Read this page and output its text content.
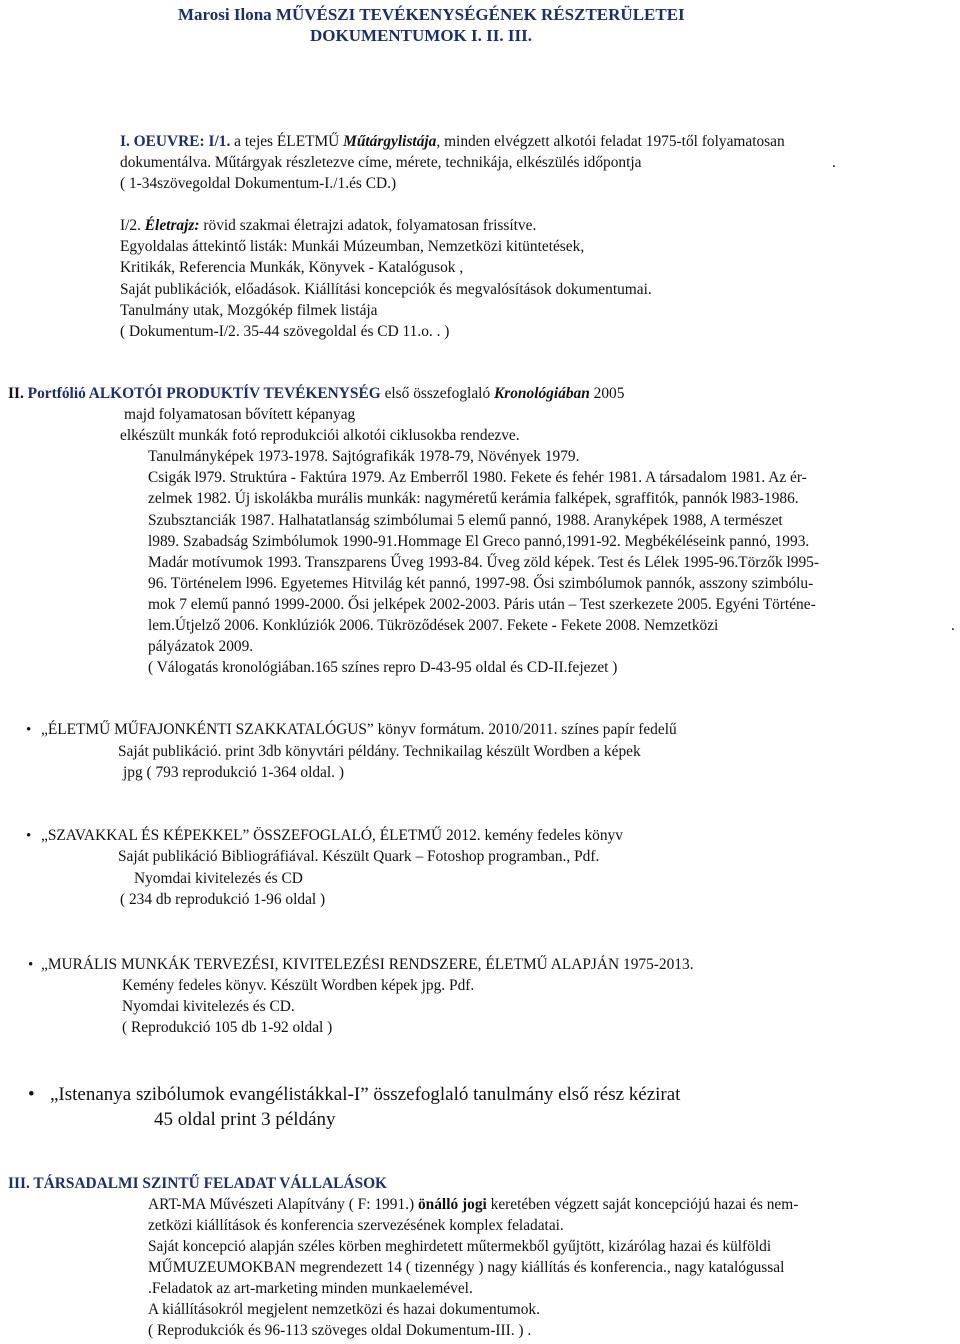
Marosi Ilona MŰVÉSZI TEVÉKENYSÉGÉNEK RÉSZTERÜLETEI
DOKUMENTUMOK I. II. III.
I. OEUVRE: I/1. a tejes ÉLETMŰ Műtárgylistája, minden elvégzett alkotói feladat 1975-től folyamatosan
dokumentálva. Műtárgyak részletezve címe, mérete, technikája, elkészülés időpontja	.
( 1-34szövegoldal Dokumentum-I./1.és CD.)
I/2. Életrajz: rövid szakmai életrajzi adatok, folyamatosan frissítve.
Egyoldalas áttekintő listák: Munkái Múzeumban, Nemzetközi kitüntetések,
Kritikák, Referencia Munkák, Könyvek - Katalógusok ,
Saját publikációk, előadások. Kiállítási koncepciók és megvalósítások dokumentumai.
Tanulmány utak, Mozgókép filmek listája
( Dokumentum-I/2. 35-44 szövegoldal és CD 11.o. . )
II. Portfólió ALKOTÓI PRODUKTÍV TEVÉKENYSÉG első összefoglaló Kronológiában 2005
majd folyamatosan bővített képanyag
elkészült munkák fotó reprodukciói alkotói ciklusokba rendezve.
Tanulmányképek 1973-1978. Sajtógrafikák 1978-79, Növények 1979.
Csigák l979. Struktúra - Faktúra 1979. Az Emberről 1980. Fekete és fehér 1981. A társadalom 1981. Az ér-
zelmek 1982. Új iskolákba murális munkák: nagyméretű kerámia falképek, sgraffitók, pannók l983-1986.
Szubsztanciák 1987. Halhatatlanság szimbólumai 5 elemű pannó, 1988. Aranyképek 1988, A természet
l989. Szabadság Szimbólumok 1990-91.Hommage El Greco pannó,1991-92. Megbékéléseink pannó, 1993.
Madár motívumok 1993. Transzparens Űveg 1993-84. Űveg zöld képek. Test és Lélek 1995-96.Törzők l995-
96. Történelem l996. Egyetemes Hitvilág két pannó, 1997-98. Ősi szimbólumok pannók, asszony szimbólu-
mok 7 elemű pannó 1999-2000. Ősi jelképek 2002-2003. Páris után – Test szerkezete 2005. Egyéni Történe-
lem.Útjelző 2006. Konklúziók 2006. Tükröződések 2007. Fekete - Fekete 2008. Nemzetközi	.
pályázatok 2009.
( Válogatás kronológiában.165 színes repro D-43-95 oldal és CD-II.fejezet )
• „ÉLETMŰ MŰFAJONKÉNTI SZAKKATALÓGUS” könyv formátum. 2010/2011. színes papír fedelű
Saját publikáció. print 3db könyvtári példány. Technikailag készült Wordben a képek
jpg ( 793 reprodukció 1-364 oldal. )
• „SZAVAKKAL ÉS KÉPEKKEL” ÖSSZEFOGLALÓ, ÉLETMŰ 2012. kemény fedeles könyv
Saját publikáció Bibliográfiával. Készült Quark – Fotoshop programban., Pdf.
Nyomdai kivitelezés és CD
( 234 db reprodukció 1-96 oldal )
• „MURÁLIS MUNKÁK TERVEZÉSI, KIVITELEZÉSI RENDSZERE, ÉLETMŰ ALAPJÁN 1975-2013.
Kemény fedeles könyv. Készült Wordben képek jpg. Pdf.
Nyomdai kivitelezés és CD.
( Reprodukció 105 db 1-92 oldal )
• „Istenanya szibólumok evangélistákkal-I” összefoglaló tanulmány első rész kézirat
45 oldal print 3 példány
III. TÁRSADALMI SZINTŰ FELADAT VÁLLALÁSOK
ART-MA Művészeti Alapítvány ( F: 1991.) önálló jogi keretében végzett saját koncepciójú hazai és nem-
zetközi kiállítások és konferencia szervezésének komplex feladatai.
Saját koncepció alapján széles körben meghirdetett műtermekből gyűjtött, kizárólag hazai és külföldi
MŰMUZEUMOKBAN megrendezett 14 ( tizennégy ) nagy kiállítás és konferencia., nagy katalógussal
.Feladatok az art-marketing minden munkaelemével.
A kiállításokról megjelent nemzetközi és hazai dokumentumok.
( Reprodukciók és 96-113 szöveges oldal Dokumentum-III. ) .
